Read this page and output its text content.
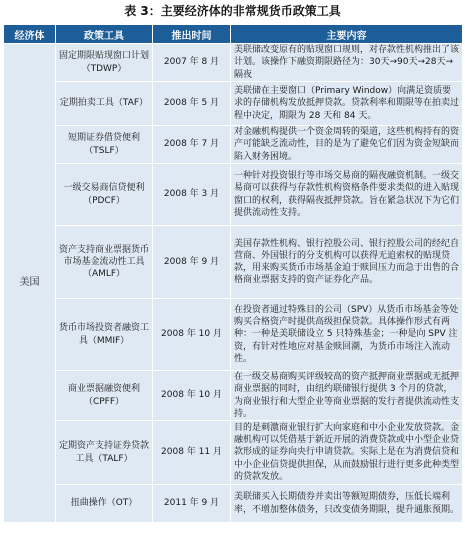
表 3：主要经济体的非常规货币政策工具
经济体	政策工具	推出时间	主要内容
美国	固定期限贴现窗口计划（TDWP）	2007 年 8 月	美联储改变原有的贴现窗口规则，对存款性机构推出了该计划。该操作下融资期限路径为：30天→90天→28天→隔夜
	定期拍卖工具（TAF）	2008 年 5 月	美联储在主要窗口（Primary Window）向满足资质要求的存储机构发放抵押贷款。贷款利率和期限等在拍卖过程中决定，期限为 28 天和 84 天。
	短期证券借贷便利（TSLF）	2008 年 7 月	对金融机构提供一个资金周转的渠道，这些机构持有的资产可能缺乏流动性，目的是为了避免它们因为资金短缺而陷入财务困境。
	一级交易商信贷便利（PDCF）	2008 年 3 月	一种针对投资银行等市场交易商的隔夜融资机制。一级交易商可以获得与存款性机构资格条件要求类似的进入贴现窗口的权利，获得隔夜抵押贷款。旨在紧急状况下为它们提供流动性支持。
	资产支持商业票据货币市场基金流动性工具（AMLF）	2008 年 9 月	美国存款性机构、银行控股公司、银行控股公司的经纪自营商、外国银行的分支机构可以获得无追索权的贴现贷款，用来购买货币市场基金迫于赎回压力而急于出售的合格商业票据支持的资产证券化产品。
	货币市场投资者融资工具（MMIF）	2008 年 10 月	在投资者通过特殊目的公司（SPV）从货币市场基金等处购买合格资产时提供高级担保贷款。具体操作形式有两种：一种是美联储设立 5 只特殊基金；一种是向 SPV 注资，有针对性地应对基金赎回潮，为货币市场注入流动性。
	商业票据融资便利（CPFF）	2008 年 10 月	在一级交易商购买评级较高的资产抵押商业票据或无抵押商业票据的同时，由纽约联储银行提供 3 个月的贷款，为商业银行和大型企业等商业票据的发行者提供流动性支持。
	定期资产支持证券贷款工具（TALF）	2008 年 11 月	目的是刺激商业银行扩大向家庭和中小企业发放贷款。金融机构可以凭借基于新近开展的消费贷款或中小型企业贷款形成的证券向央行申请贷款。实际上是在为消费信贷和中小企业信贷提供担保，从而鼓励银行进行更多此种类型的贷款发放。
	扭曲操作（OT）	2011 年 9 月	美联储买入长期债券并卖出等额短期债券，压低长端利率，不增加整体债务，只改变债务期限，提升通胀预期。
